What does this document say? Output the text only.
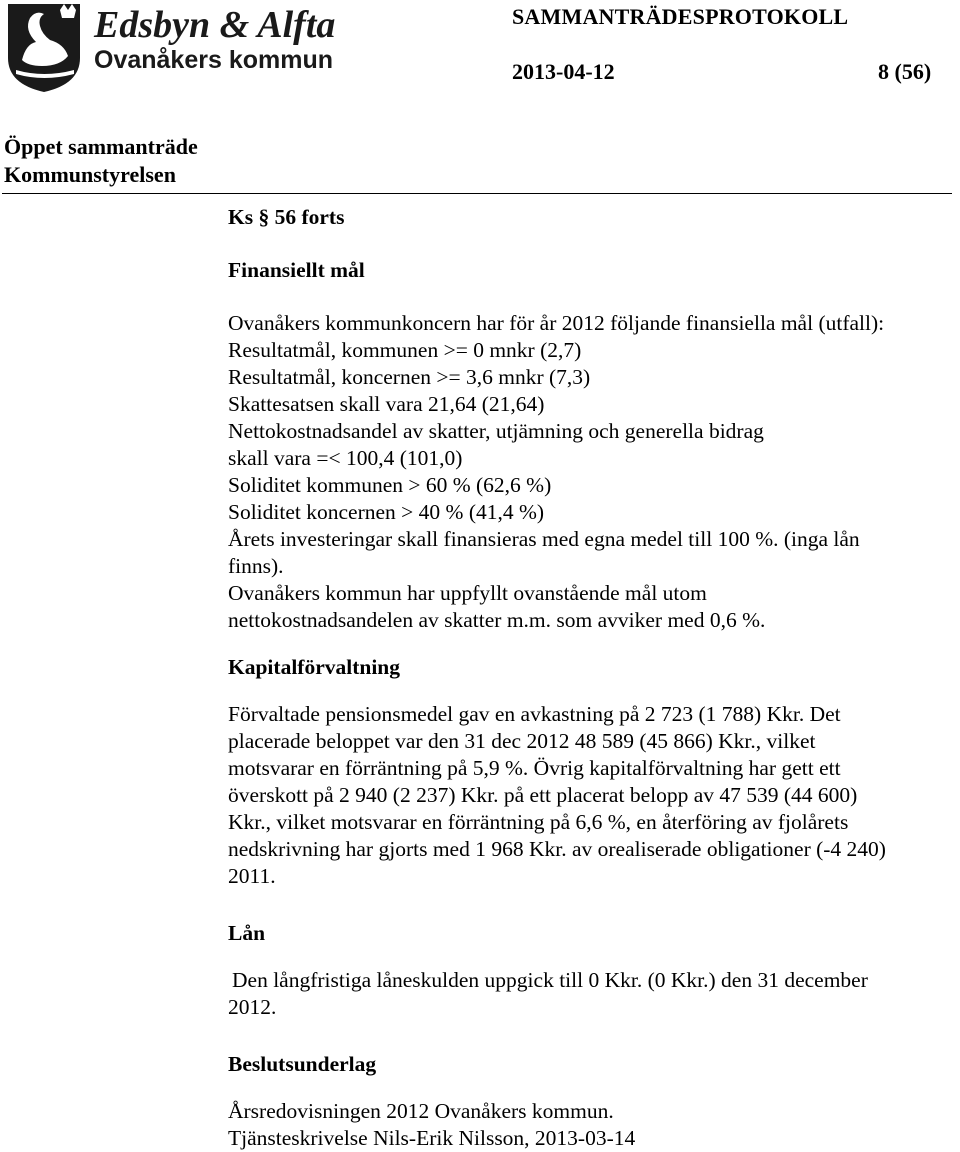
Edsbyn & Alfta
Ovanåkers kommun
SAMMANTRÄDESPROTOKOLL
2013-04-12	8 (56)
Öppet sammanträde
Kommunstyrelsen

Ks § 56 forts

Finansiellt mål

Ovanåkers kommunkoncern har för år 2012 följande finansiella mål (utfall):

Resultatmål, kommunen >= 0 mnkr (2,7)

Resultatmål, koncernen >= 3,6 mnkr (7,3)

Skattesatsen skall vara 21,64 (21,64)

Nettokostnadsandel av skatter, utjämning och generella bidrag

skall vara =< 100,4 (101,0)

Soliditet kommunen > 60 % (62,6 %)

Soliditet koncernen > 40 % (41,4 %)

Årets investeringar skall finansieras med egna medel till 100 %. (inga lån

finns).

Ovanåkers kommun har uppfyllt ovanstående mål utom

nettokostnadsandelen av skatter m.m. som avviker med 0,6 %.

Kapitalförvaltning

Förvaltade pensionsmedel gav en avkastning på 2 723 (1 788) Kkr. Det

placerade beloppet var den 31 dec 2012 48 589 (45 866) Kkr., vilket

motsvarar en förräntning på 5,9 %. Övrig kapitalförvaltning har gett ett

överskott på 2 940 (2 237) Kkr. på ett placerat belopp av 47 539 (44 600)

Kkr., vilket motsvarar en förräntning på 6,6 %, en återföring av fjolårets

nedskrivning har gjorts med 1 968 Kkr. av orealiserade obligationer (-4 240)

2011.

Lån

Den långfristiga låneskulden uppgick till 0 Kkr. (0 Kkr.) den 31 december

2012.

Beslutsunderlag

Årsredovisningen 2012 Ovanåkers kommun.

Tjänsteskrivelse Nils-Erik Nilsson, 2013-03-14
